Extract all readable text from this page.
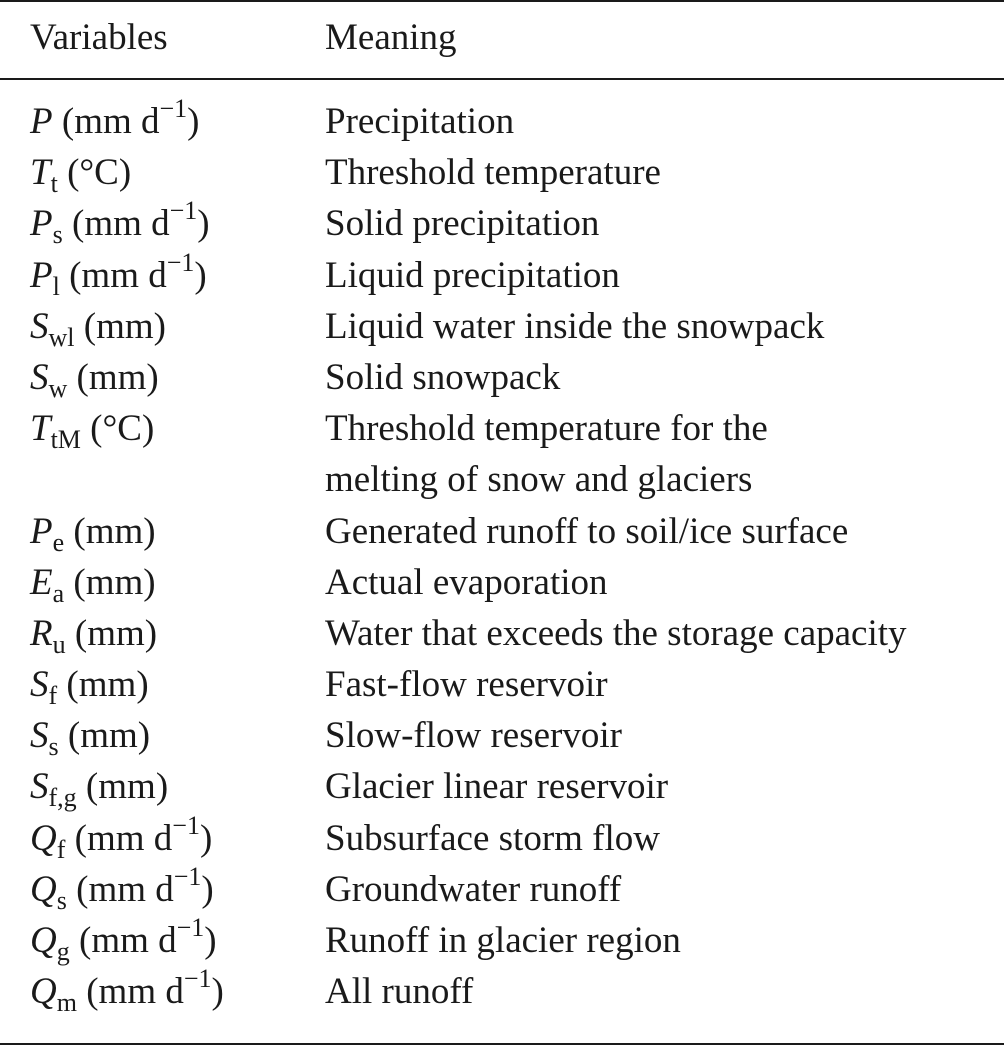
Variables	Meaning
P (mm $d^{-1}$)	Precipitation
$T_t$ (°C)	Threshold temperature
$P_s$ (mm $d^{-1}$)	Solid precipitation
$P_l$ (mm $d^{-1}$)	Liquid precipitation
$S_{wl}$ (mm)	Liquid water inside the snowpack
$S_w$ (mm)	Solid snowpack
$T_{tM}$ (°C)	Threshold temperature for the
melting of snow and glaciers
$P_e$ (mm)	Generated runoff to soil/ice surface
$E_a$ (mm)	Actual evaporation
$R_u$ (mm)	Water that exceeds the storage capacity
$S_f$ (mm)	Fast-flow reservoir
$S_s$ (mm)	Slow-flow reservoir
$S_{f,g}$ (mm)	Glacier linear reservoir
$Q_f$ (mm $d^{-1}$)	Subsurface storm flow
$Q_s$ (mm $d^{-1}$)	Groundwater runoff
$Q_g$ (mm $d^{-1}$)	Runoff in glacier region
$Q_m$ (mm $d^{-1}$)	All runoff
